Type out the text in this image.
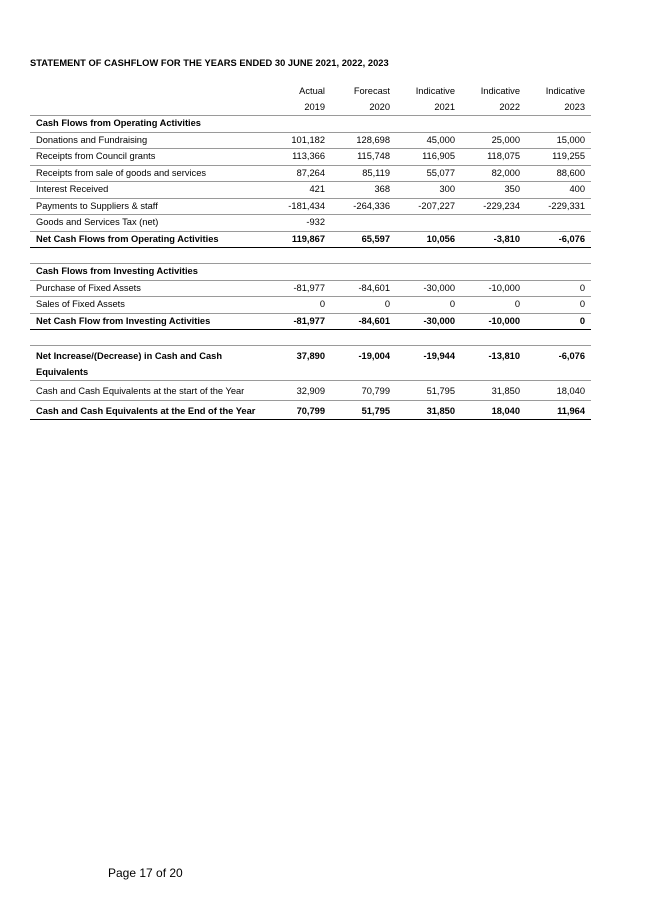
STATEMENT OF CASHFLOW FOR THE YEARS ENDED 30 JUNE 2021, 2022, 2023
	Actual	Forecast	Indicative	Indicative	Indicative
	2019	2020	2021	2022	2023
Cash Flows from Operating Activities					
Donations and Fundraising	101,182	128,698	45,000	25,000	15,000
Receipts from Council grants	113,366	115,748	116,905	118,075	119,255
Receipts from sale of goods and services	87,264	85,119	55,077	82,000	88,600
Interest Received	421	368	300	350	400
Payments to Suppliers & staff	-181,434	-264,336	-207,227	-229,234	-229,331
Goods and Services Tax (net)	-932				
Net Cash Flows from Operating Activities	119,867	65,597	10,056	-3,810	-6,076

Cash Flows from Investing Activities					
Purchase of Fixed Assets	-81,977	-84,601	-30,000	-10,000	0
Sales of Fixed Assets	0	0	0	0	0
Net Cash Flow from Investing Activities	-81,977	-84,601	-30,000	-10,000	0

Net Increase/(Decrease) in Cash and Cash Equivalents	37,890	-19,004	-19,944	-13,810	-6,076
Cash and Cash Equivalents at the start of the Year	32,909	70,799	51,795	31,850	18,040
Cash and Cash Equivalents at the End of the Year	70,799	51,795	31,850	18,040	11,964
Page 17 of 20
